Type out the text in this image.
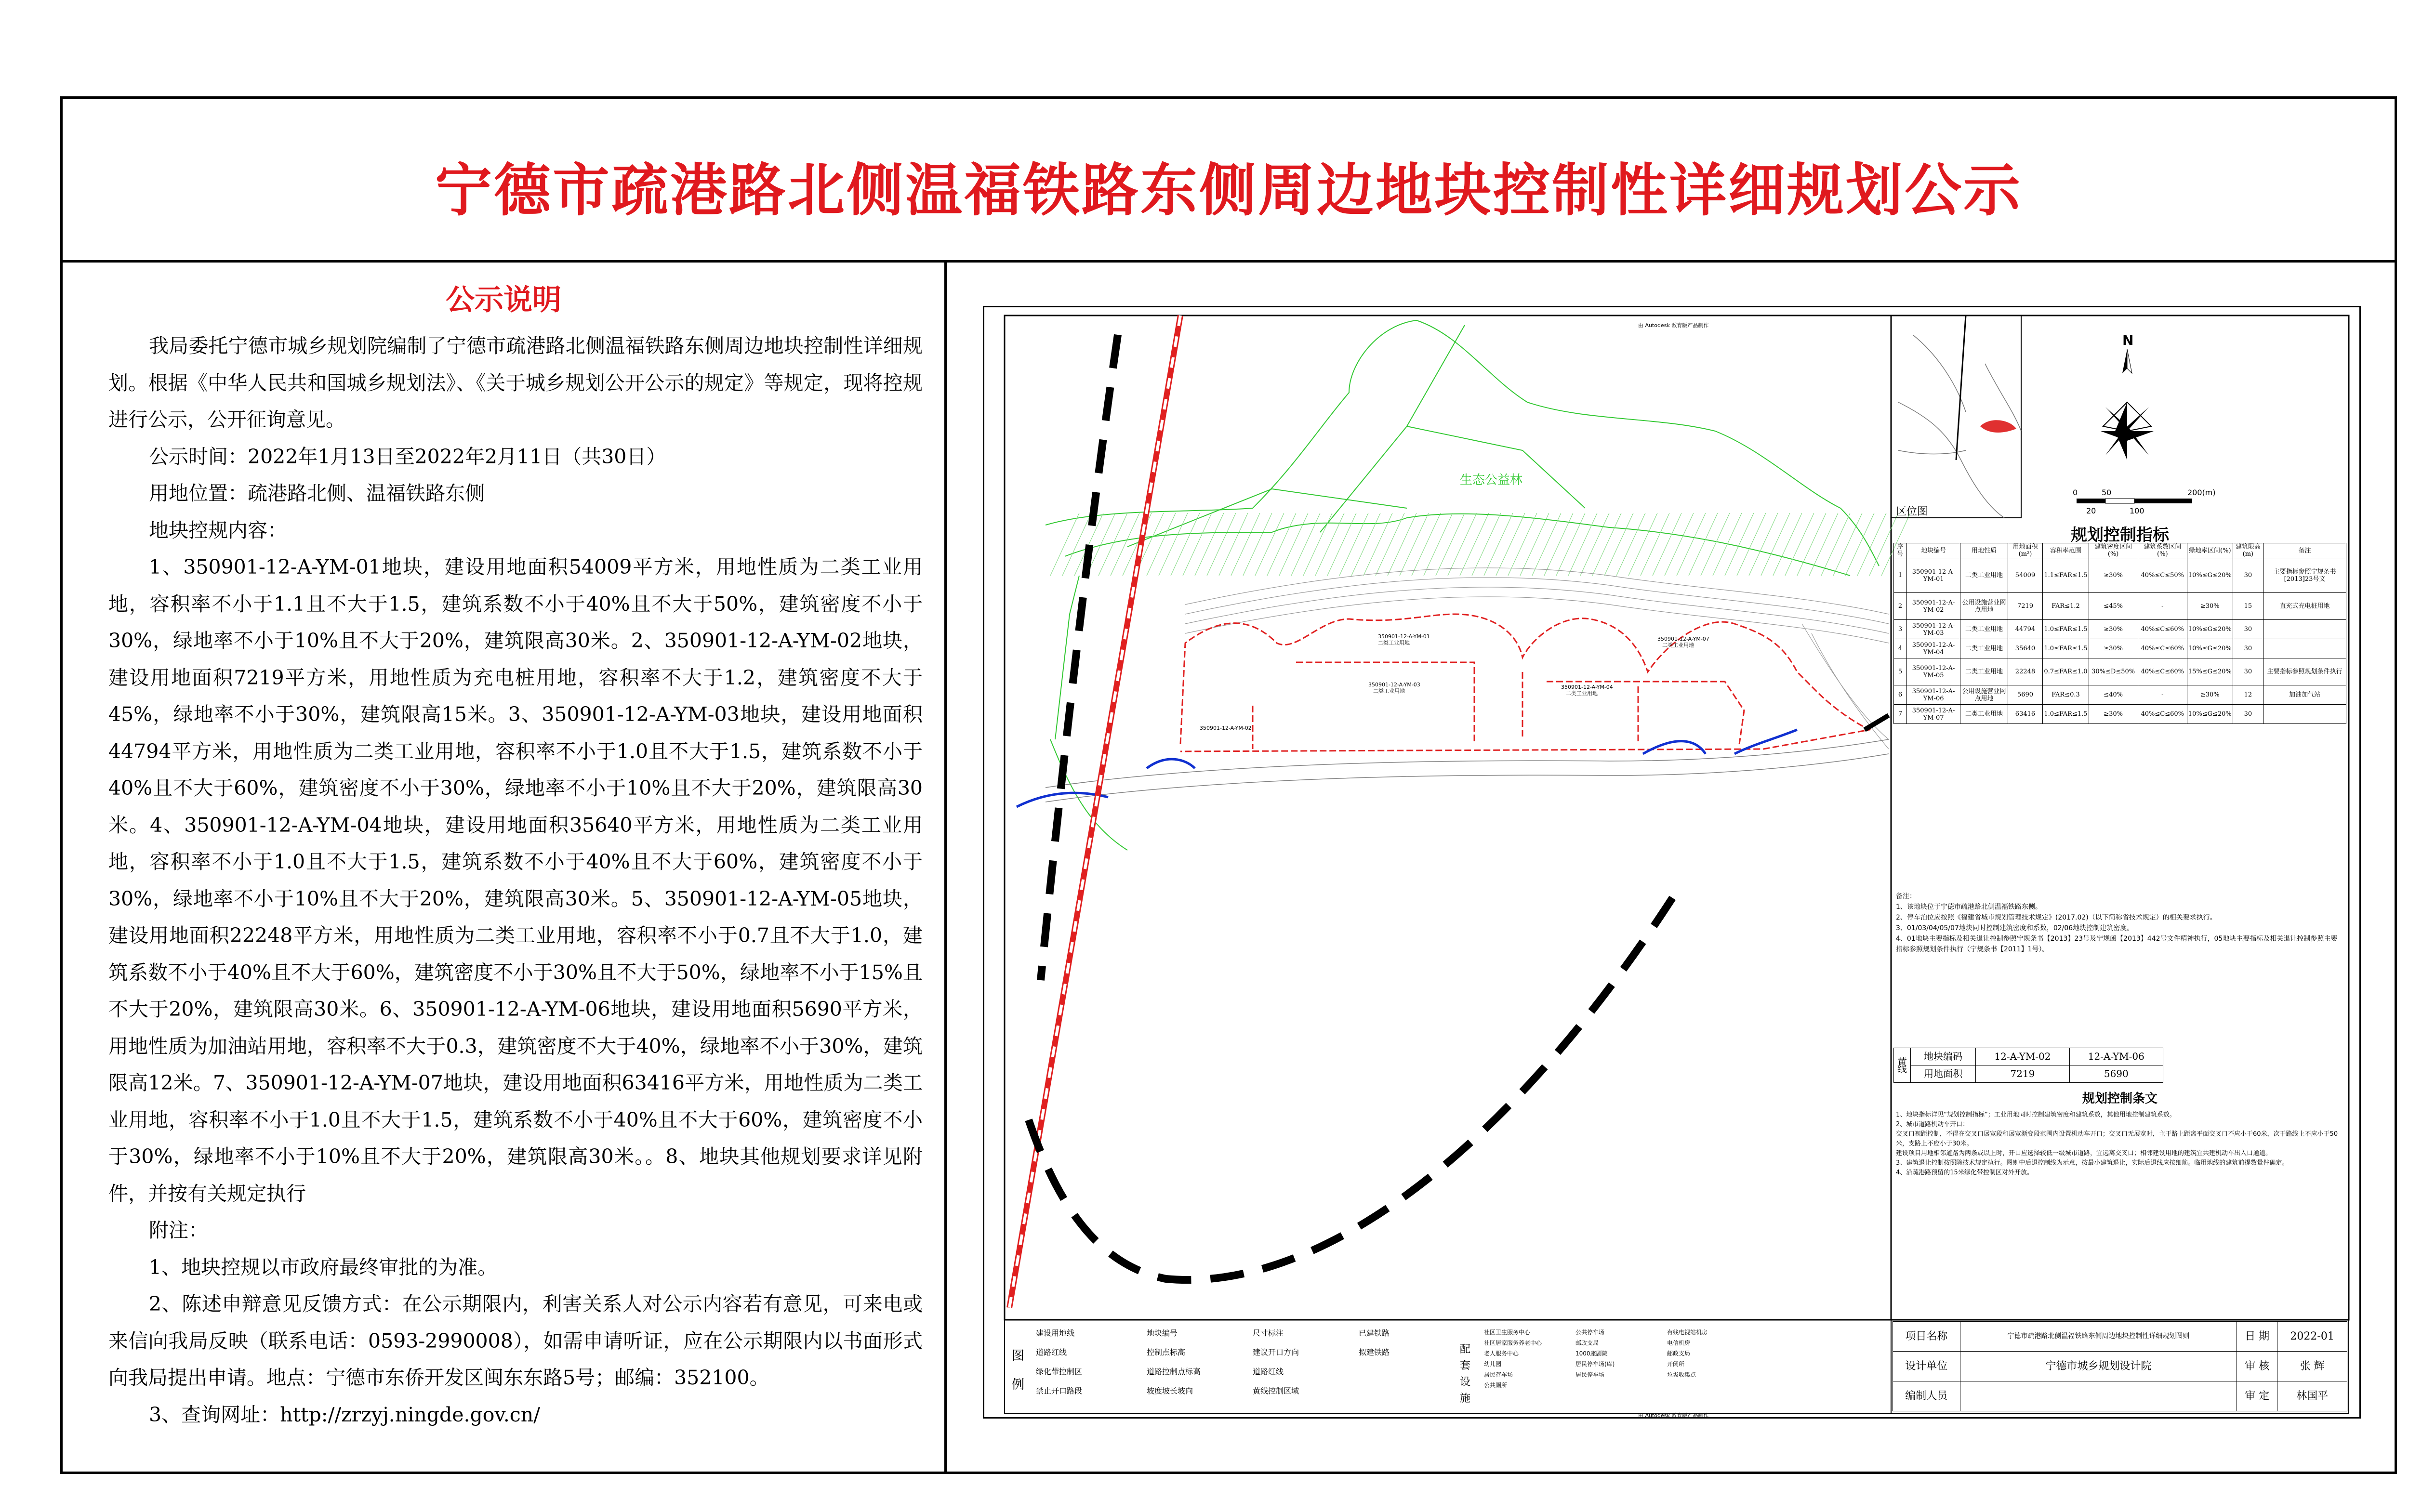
宁德市疏港路北侧温福铁路东侧周边地块控制性详细规划公示
公示说明

我局委托宁德市城乡规划院编制了宁德市疏港路北侧温福铁路东侧周边地块控制性详细规划。根据《中华人民共和国城乡规划法》、《关于城乡规划公开公示的规定》等规定，现将控规进行公示，公开征询意见。

公示时间：2022年1月13日至2022年2月11日（共30日）

用地位置：疏港路北侧、温福铁路东侧

地块控规内容：

1、350901-12-A-YM-01地块，建设用地面积54009平方米，用地性质为二类工业用地，容积率不小于1.1且不大于1.5，建筑系数不小于40%且不大于50%，建筑密度不小于30%，绿地率不小于10%且不大于20%，建筑限高30米。2、350901-12-A-YM-02地块，建设用地面积7219平方米，用地性质为充电桩用地，容积率不大于1.2，建筑密度不大于45%，绿地率不小于30%，建筑限高15米。3、350901-12-A-YM-03地块，建设用地面积44794平方米，用地性质为二类工业用地，容积率不小于1.0且不大于1.5，建筑系数不小于40%且不大于60%，建筑密度不小于30%，绿地率不小于10%且不大于20%，建筑限高30米。4、350901-12-A-YM-04地块，建设用地面积35640平方米，用地性质为二类工业用地，容积率不小于1.0且不大于1.5，建筑系数不小于40%且不大于60%，建筑密度不小于30%，绿地率不小于10%且不大于20%，建筑限高30米。5、350901-12-A-YM-05地块，建设用地面积22248平方米，用地性质为二类工业用地，容积率不小于0.7且不大于1.0，建筑系数不小于40%且不大于60%，建筑密度不小于30%且不大于50%，绿地率不小于15%且不大于20%，建筑限高30米。6、350901-12-A-YM-06地块，建设用地面积5690平方米，用地性质为加油站用地，容积率不大于0.3，建筑密度不大于40%，绿地率不小于30%，建筑限高12米。7、350901-12-A-YM-07地块，建设用地面积63416平方米，用地性质为二类工业用地，容积率不小于1.0且不大于1.5，建筑系数不小于40%且不大于60%，建筑密度不小于30%，绿地率不小于10%且不大于20%，建筑限高30米。。8、地块其他规划要求详见附件，并按有关规定执行

附注：

1、地块控规以市政府最终审批的为准。

2、陈述申辩意见反馈方式：在公示期限内，利害关系人对公示内容若有意见，可来电或来信向我局反映（联系电话：0593-2990008），如需申请听证，应在公示期限内以书面形式向我局提出申请。地点：宁德市东侨开发区闽东东路5号；邮编：352100。

3、查询网址：http://zrzyj.ningde.gov.cn/

生态公益林
350901-12-A-YM-01
二类工业用地
350901-12-A-YM-03
二类工业用地
350901-12-A-YM-04
二类工业用地
350901-12-A-YM-07
二类工业用地
350901-12-A-YM-02
区位图
N
0	50	200(m)
20	100
由 Autodesk 教育版产品制作
规划控制指标
序号	地块编号	用地性质	用地面积(m²)	容积率范围	建筑密度区间(%)	建筑系数区间(%)	绿地率区间(%)	建筑限高(m)	备注
1	350901-12-A-YM-01	二类工业用地	54009	1.1≤FAR≤1.5	≥30%	40%≤C≤50%	10%≤G≤20%	30	主要指标参照宁规条书[2013]23号文
2	350901-12-A-YM-02	公用设施营业网点用地	7219	FAR≤1.2	≤45%	-	≥30%	15	直充式充电桩用地
3	350901-12-A-YM-03	二类工业用地	44794	1.0≤FAR≤1.5	≥30%	40%≤C≤60%	10%≤G≤20%	30	
4	350901-12-A-YM-04	二类工业用地	35640	1.0≤FAR≤1.5	≥30%	40%≤C≤60%	10%≤G≤20%	30	
5	350901-12-A-YM-05	二类工业用地	22248	0.7≤FAR≤1.0	30%≤D≤50%	40%≤C≤60%	15%≤G≤20%	30	主要指标参照规划条件执行
6	350901-12-A-YM-06	公用设施营业网点用地	5690	FAR≤0.3	≤40%	-	≥30%	12	加油加气站
7	350901-12-A-YM-07	二类工业用地	63416	1.0≤FAR≤1.5	≥30%	40%≤C≤60%	10%≤G≤20%	30	
备注：
1、该地块位于宁德市疏港路北侧温福铁路东侧。
2、停车泊位应按照《福建省城市规划管理技术规定》(2017.02)（以下简称省技术规定）的相关要求执行。
3、01/03/04/05/07地块同时控制建筑密度和系数，02/06地块控制建筑密度。
4、01地块主要指标及相关退让控制参照宁规条书【2013】23号及宁规函【2013】442号文件精神执行，05地块主要指标及相关退让控制参照主要指标参照规划条件执行（宁规条书【2011】1号）。
黄线	地块编码	12-A-YM-02	12-A-YM-06
	用地面积	7219	5690
规划控制条文
1、地块指标详见“规划控制指标”；工业用地同时控制建筑密度和建筑系数，其他用地控制建筑系数。
2、城市道路机动车开口：
交叉口视距控制，不得在交叉口展宽段和展宽渐变段范围内设置机动车开口；交叉口无展宽时，主干路上距离平面交叉口不应小于60米，次干路线上不应小于50米，支路上不应小于30米。
建设项目用地相邻道路为两条或以上时，开口应选择较低一级城市道路，宜远离交叉口；相邻建设用地的建筑宜共建机动车出入口通道。
3、建筑退让控制按照除技术规定执行。图则中后退控制线为示意，按最小建筑退让，实际后退线应按细筋。临用地线的建筑前提数量件确定。
4、沿疏港路预留的15米绿化带控制区对外开放。
项目名称	宁德市疏港路北侧温福铁路东侧周边地块控制性详细规划图则	日 期	2022-01
设计单位	宁德市城乡规划设计院	审 核	张 辉
编制人员		审 定	林国平
图例
建设用地线
道路红线
绿化带控制区
禁止开口路段
地块编号
控制点标高
道路控制点标高
坡度坡长坡向
尺寸标注
建议开口方向
道路红线
黄线控制区域
已建铁路
拟建铁路	配套设施
社区卫生服务中心
社区居家服务养老中心
老人服务中心
幼儿园
居民存车场
公共厕所
公共停车场
邮政支局
1000座剧院
居民停车场(库)
居民停车场
有线电视站机房
电信机房
邮政支局
开闭所
垃圾收集点
由 Autodesk 教育版产品制作
